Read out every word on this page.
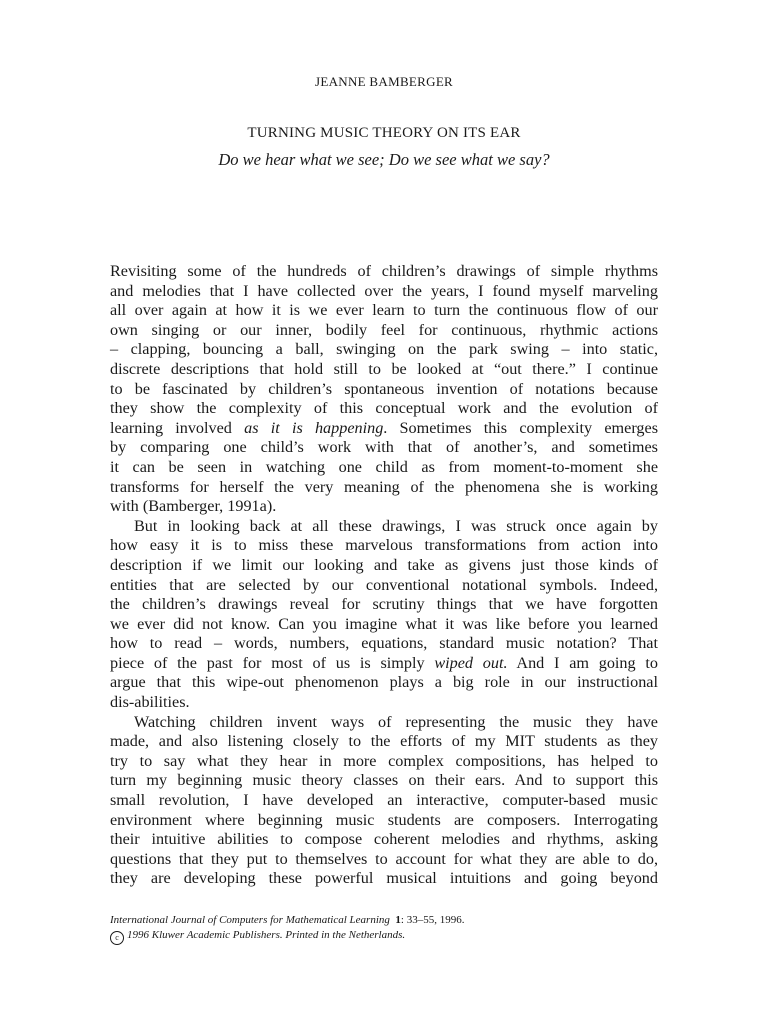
JEANNE BAMBERGER
TURNING MUSIC THEORY ON ITS EAR
Do we hear what we see; Do we see what we say?
Revisiting some of the hundreds of children’s drawings of simple rhythms
and melodies that I have collected over the years, I found myself marveling
all over again at how it is we ever learn to turn the continuous flow of our
own singing or our inner, bodily feel for continuous, rhythmic actions
– clapping, bouncing a ball, swinging on the park swing – into static,
discrete descriptions that hold still to be looked at “out there.” I continue
to be fascinated by children’s spontaneous invention of notations because
they show the complexity of this conceptual work and the evolution of
learning involved as it is happening. Sometimes this complexity emerges
by comparing one child’s work with that of another’s, and sometimes
it can be seen in watching one child as from moment-to-moment she
transforms for herself the very meaning of the phenomena she is working
with (Bamberger, 1991a).
But in looking back at all these drawings, I was struck once again by
how easy it is to miss these marvelous transformations from action into
description if we limit our looking and take as givens just those kinds of
entities that are selected by our conventional notational symbols. Indeed,
the children’s drawings reveal for scrutiny things that we have forgotten
we ever did not know. Can you imagine what it was like before you learned
how to read – words, numbers, equations, standard music notation? That
piece of the past for most of us is simply wiped out. And I am going to
argue that this wipe-out phenomenon plays a big role in our instructional
dis-abilities.
Watching children invent ways of representing the music they have
made, and also listening closely to the efforts of my MIT students as they
try to say what they hear in more complex compositions, has helped to
turn my beginning music theory classes on their ears. And to support this
small revolution, I have developed an interactive, computer-based music
environment where beginning music students are composers. Interrogating
their intuitive abilities to compose coherent melodies and rhythms, asking
questions that they put to themselves to account for what they are able to do,
they are developing these powerful musical intuitions and going beyond
International Journal of Computers for Mathematical Learning 1: 33–55, 1996.
c 1996 Kluwer Academic Publishers. Printed in the Netherlands.
